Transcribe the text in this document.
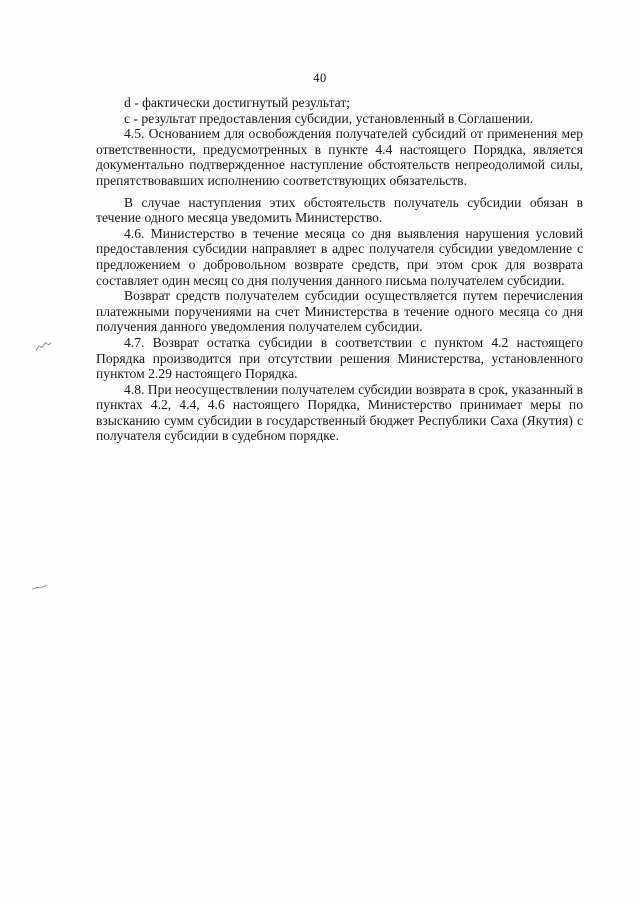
40

d - фактически достигнутый результат;

c - результат предоставления субсидии, установленный в Соглашении.

4.5. Основанием для освобождения получателей субсидий от применения мер ответственности, предусмотренных в пункте 4.4 настоящего Порядка, является документально подтвержденное наступление обстоятельств непреодолимой силы, препятствовавших исполнению соответствующих обязательств.

В случае наступления этих обстоятельств получатель субсидии обязан в течение одного месяца уведомить Министерство.

4.6. Министерство в течение месяца со дня выявления нарушения условий предоставления субсидии направляет в адрес получателя субсидии уведомление с предложением о добровольном возврате средств, при этом срок для возврата составляет один месяц со дня получения данного письма получателем субсидии.

Возврат средств получателем субсидии осуществляется путем перечисления платежными поручениями на счет Министерства в течение одного месяца со дня получения данного уведомления получателем субсидии.

4.7. Возврат остатка субсидии в соответствии с пунктом 4.2 настоящего Порядка производится при отсутствии решения Министерства, установленного пунктом 2.29 настоящего Порядка.

4.8. При неосуществлении получателем субсидии возврата в срок, указанный в пунктах 4.2, 4.4, 4.6 настоящего Порядка, Министерство принимает меры по взысканию сумм субсидии в государственный бюджет Республики Саха (Якутия) с получателя субсидии в судебном порядке.
